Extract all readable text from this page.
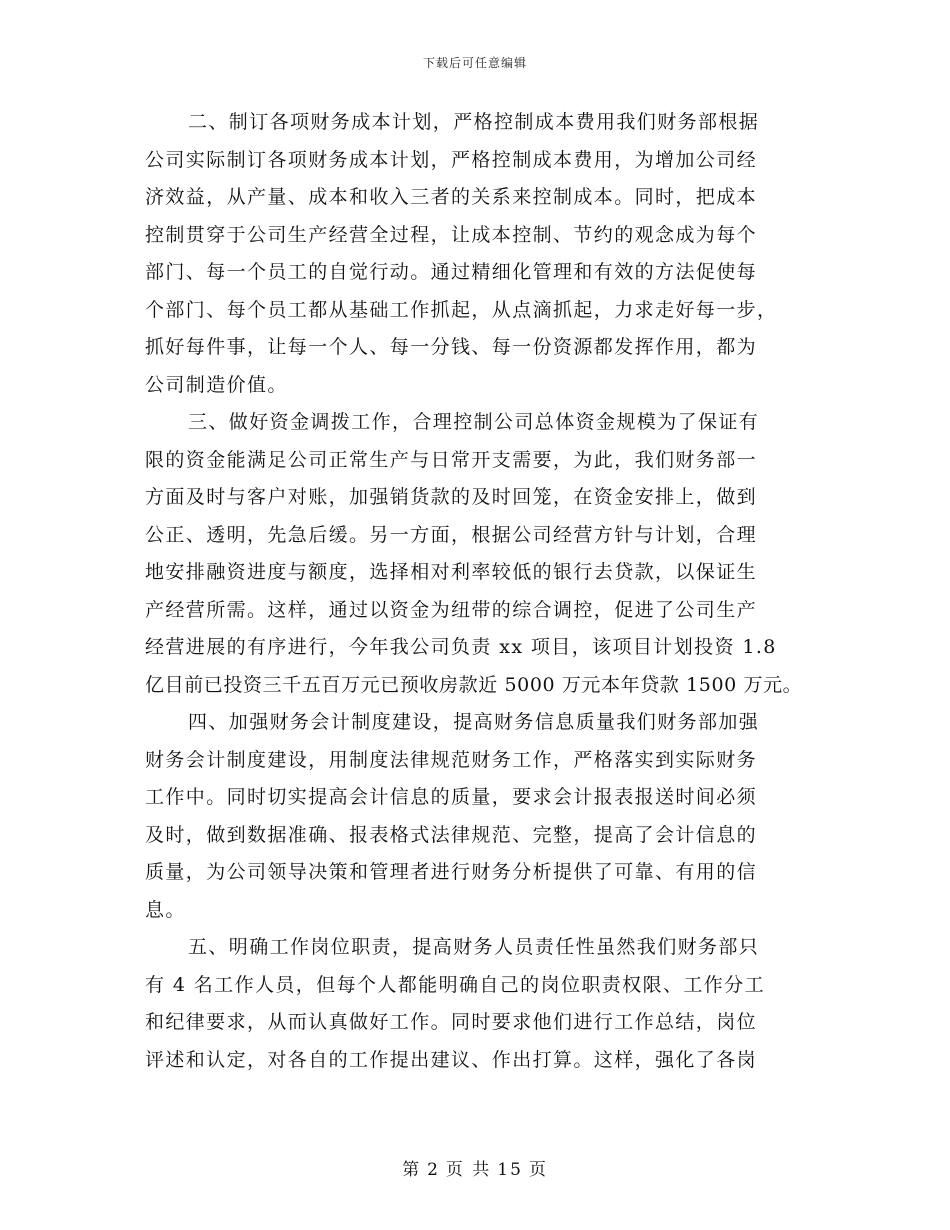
下载后可任意编辑
二、制订各项财务成本计划，严格控制成本费用我们财务部根据
公司实际制订各项财务成本计划，严格控制成本费用，为增加公司经
济效益，从产量、成本和收入三者的关系来控制成本。同时，把成本
控制贯穿于公司生产经营全过程，让成本控制、节约的观念成为每个
部门、每一个员工的自觉行动。通过精细化管理和有效的方法促使每
个部门、每个员工都从基础工作抓起，从点滴抓起，力求走好每一步，
抓好每件事，让每一个人、每一分钱、每一份资源都发挥作用，都为
公司制造价值。
三、做好资金调拨工作，合理控制公司总体资金规模为了保证有
限的资金能满足公司正常生产与日常开支需要，为此，我们财务部一
方面及时与客户对账，加强销货款的及时回笼，在资金安排上，做到
公正、透明，先急后缓。另一方面，根据公司经营方针与计划，合理
地安排融资进度与额度，选择相对利率较低的银行去贷款，以保证生
产经营所需。这样，通过以资金为纽带的综合调控，促进了公司生产
经营进展的有序进行，今年我公司负责 xx 项目，该项目计划投资 1.8
亿目前已投资三千五百万元已预收房款近 5000 万元本年贷款 1500 万元。
四、加强财务会计制度建设，提高财务信息质量我们财务部加强
财务会计制度建设，用制度法律规范财务工作，严格落实到实际财务
工作中。同时切实提高会计信息的质量，要求会计报表报送时间必须
及时，做到数据准确、报表格式法律规范、完整，提高了会计信息的
质量，为公司领导决策和管理者进行财务分析提供了可靠、有用的信
息。
五、明确工作岗位职责，提高财务人员责任性虽然我们财务部只
有 4 名工作人员，但每个人都能明确自己的岗位职责权限、工作分工
和纪律要求，从而认真做好工作。同时要求他们进行工作总结，岗位
评述和认定，对各自的工作提出建议、作出打算。这样，强化了各岗
第 2 页 共 15 页
